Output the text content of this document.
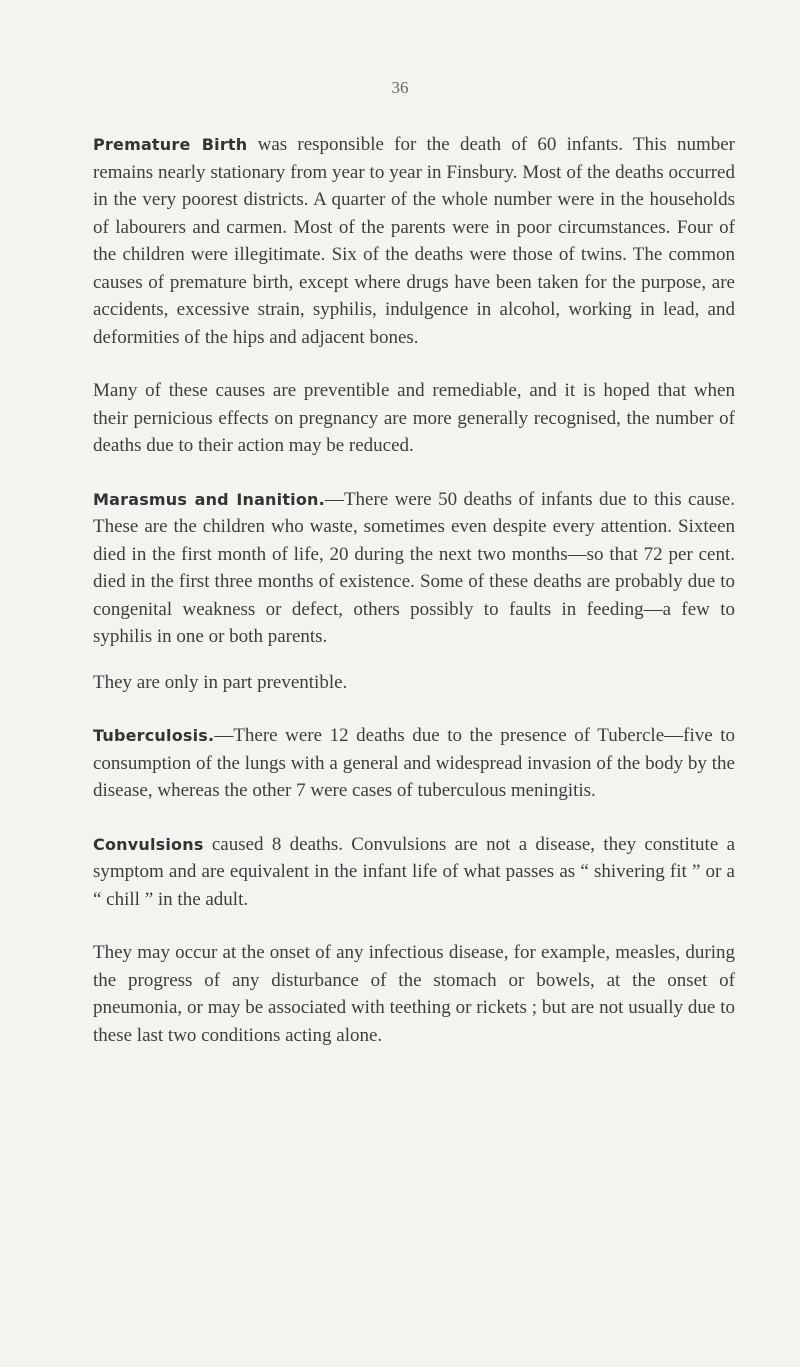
36

Premature Birth was responsible for the death of 60 infants. This number remains nearly stationary from year to year in Finsbury. Most of the deaths occurred in the very poorest districts. A quarter of the whole number were in the households of labourers and carmen. Most of the parents were in poor circumstances. Four of the children were illegitimate. Six of the deaths were those of twins. The common causes of premature birth, except where drugs have been taken for the purpose, are accidents, excessive strain, syphilis, indulgence in alcohol, working in lead, and deformities of the hips and adjacent bones.

Many of these causes are preventible and remediable, and it is hoped that when their pernicious effects on pregnancy are more generally recognised, the number of deaths due to their action may be reduced.

Marasmus and Inanition.—There were 50 deaths of infants due to this cause. These are the children who waste, sometimes even despite every attention. Sixteen died in the first month of life, 20 during the next two months—so that 72 per cent. died in the first three months of existence. Some of these deaths are probably due to congenital weakness or defect, others possibly to faults in feeding—a few to syphilis in one or both parents.

They are only in part preventible.

Tuberculosis.—There were 12 deaths due to the presence of Tubercle—five to consumption of the lungs with a general and widespread invasion of the body by the disease, whereas the other 7 were cases of tuberculous meningitis.

Convulsions caused 8 deaths. Convulsions are not a disease, they constitute a symptom and are equivalent in the infant life of what passes as “ shivering fit ” or a “ chill ” in the adult.

They may occur at the onset of any infectious disease, for example, measles, during the progress of any disturbance of the stomach or bowels, at the onset of pneumonia, or may be associated with teething or rickets ; but are not usually due to these last two conditions acting alone.
